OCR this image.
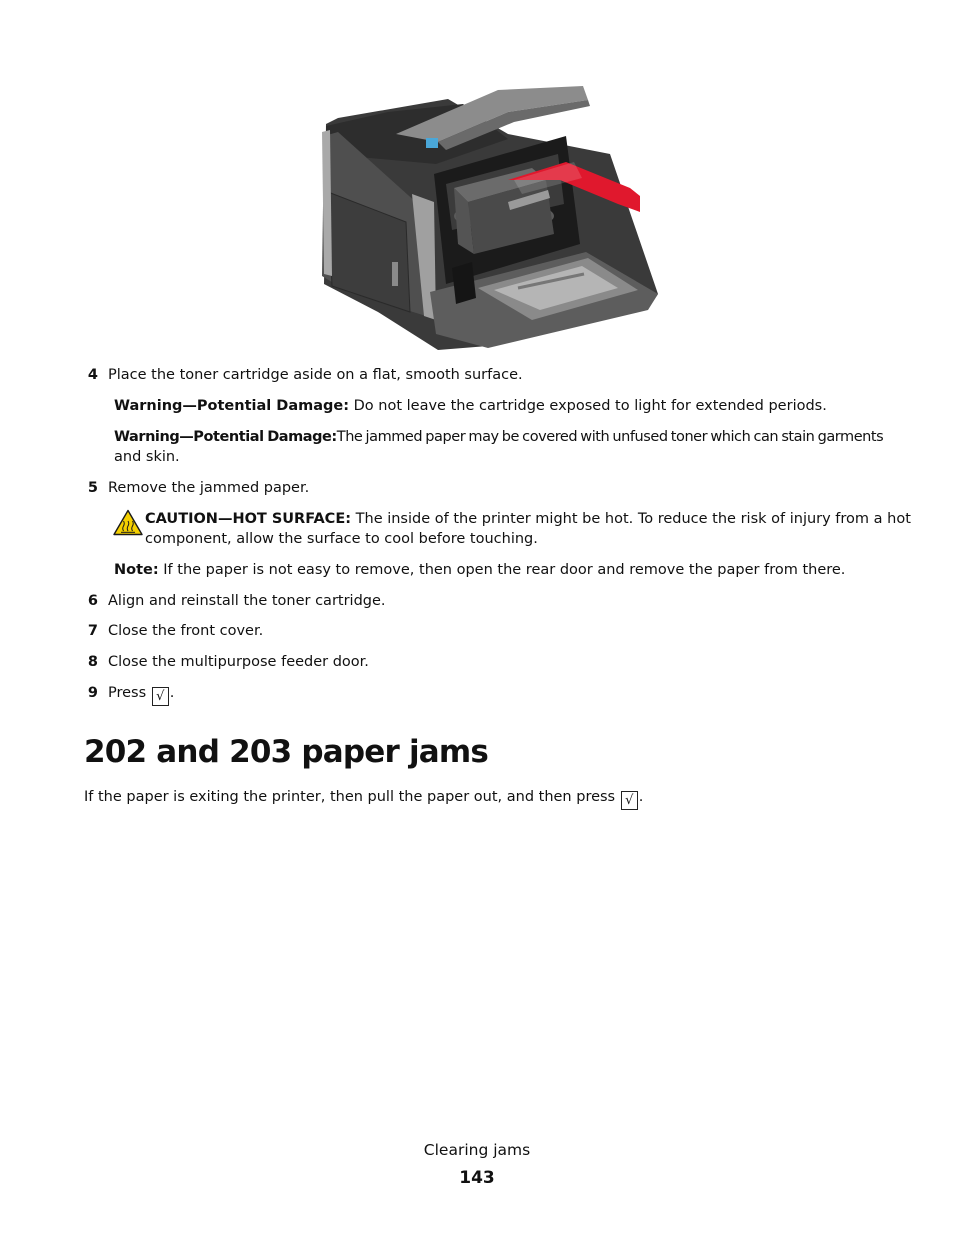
4 Place the toner cartridge aside on a flat, smooth surface.
Warning—Potential Damage: Do not leave the cartridge exposed to light for extended periods.
Warning—Potential Damage:The jammed paper may be covered with unfused toner which can stain garments
and skin.
5 Remove the jammed paper.
CAUTION—HOT SURFACE: The inside of the printer might be hot. To reduce the risk of injury from a hot
component, allow the surface to cool before touching.
Note: If the paper is not easy to remove, then open the rear door and remove the paper from there.
6 Align and reinstall the toner cartridge.
7 Close the front cover.
8 Close the multipurpose feeder door.
9 Press √ .
202 and 203 paper jams
If the paper is exiting the printer, then pull the paper out, and then press √ .
Clearing jams
143
